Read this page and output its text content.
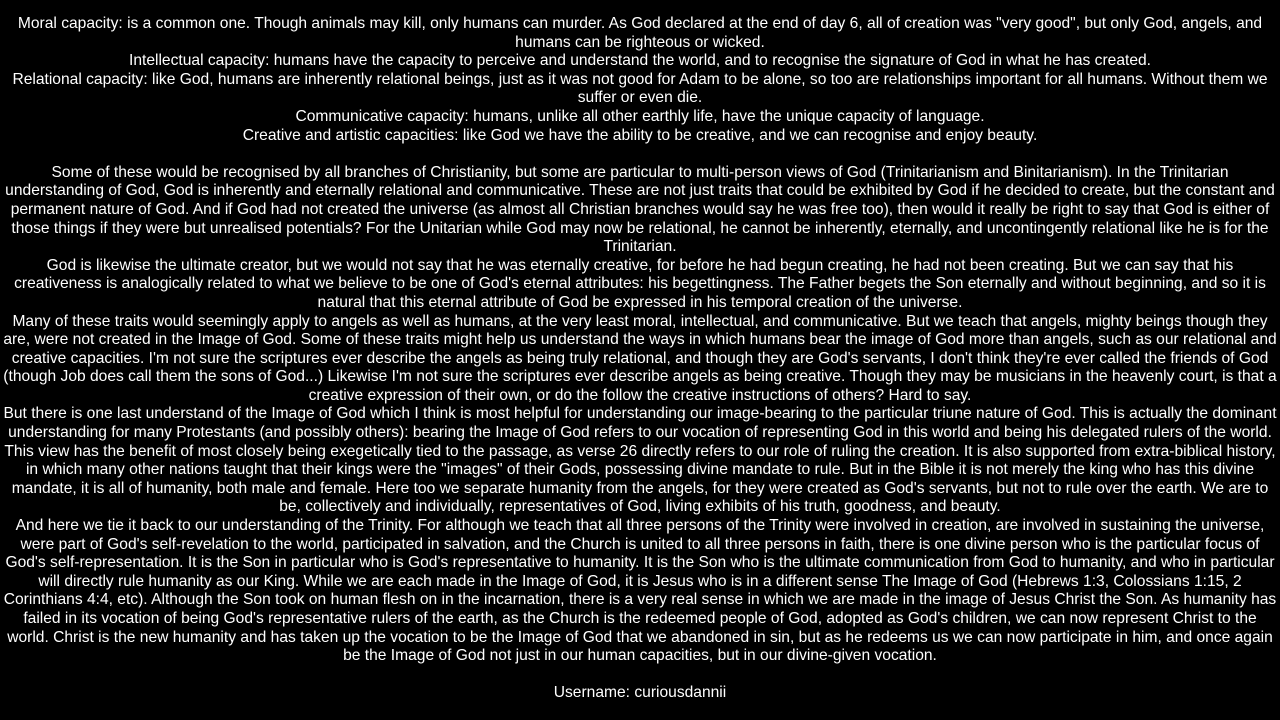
Moral capacity: is a common one. Though animals may kill, only humans can murder. As God declared at the end of day 6, all of creation was "very good", but only God, angels, and humans can be righteous or wicked.

Intellectual capacity: humans have the capacity to perceive and understand the world, and to recognise the signature of God in what he has created.

Relational capacity: like God, humans are inherently relational beings, just as it was not good for Adam to be alone, so too are relationships important for all humans. Without them we suffer or even die.

Communicative capacity: humans, unlike all other earthly life, have the unique capacity of language.

Creative and artistic capacities: like God we have the ability to be creative, and we can recognise and enjoy beauty.

Some of these would be recognised by all branches of Christianity, but some are particular to multi-person views of God (Trinitarianism and Binitarianism). In the Trinitarian understanding of God, God is inherently and eternally relational and communicative. These are not just traits that could be exhibited by God if he decided to create, but the constant and permanent nature of God. And if God had not created the universe (as almost all Christian branches would say he was free too), then would it really be right to say that God is either of those things if they were but unrealised potentials? For the Unitarian while God may now be relational, he cannot be inherently, eternally, and uncontingently relational like he is for the Trinitarian.

God is likewise the ultimate creator, but we would not say that he was eternally creative, for before he had begun creating, he had not been creating. But we can say that his creativeness is analogically related to what we believe to be one of God's eternal attributes: his begettingness. The Father begets the Son eternally and without beginning, and so it is natural that this eternal attribute of God be expressed in his temporal creation of the universe.

Many of these traits would seemingly apply to angels as well as humans, at the very least moral, intellectual, and communicative. But we teach that angels, mighty beings though they are, were not created in the Image of God. Some of these traits might help us understand the ways in which humans bear the image of God more than angels, such as our relational and creative capacities. I'm not sure the scriptures ever describe the angels as being truly relational, and though they are God's servants, I don't think they're ever called the friends of God (though Job does call them the sons of God...) Likewise I'm not sure the scriptures ever describe angels as being creative. Though they may be musicians in the heavenly court, is that a creative expression of their own, or do the follow the creative instructions of others? Hard to say.

But there is one last understand of the Image of God which I think is most helpful for understanding our image-bearing to the particular triune nature of God. This is actually the dominant understanding for many Protestants (and possibly others): bearing the Image of God refers to our vocation of representing God in this world and being his delegated rulers of the world. This view has the benefit of most closely being exegetically tied to the passage, as verse 26 directly refers to our role of ruling the creation. It is also supported from extra-biblical history, in which many other nations taught that their kings were the "images" of their Gods, possessing divine mandate to rule. But in the Bible it is not merely the king who has this divine mandate, it is all of humanity, both male and female. Here too we separate humanity from the angels, for they were created as God's servants, but not to rule over the earth. We are to be, collectively and individually, representatives of God, living exhibits of his truth, goodness, and beauty.

And here we tie it back to our understanding of the Trinity. For although we teach that all three persons of the Trinity were involved in creation, are involved in sustaining the universe, were part of God's self-revelation to the world, participated in salvation, and the Church is united to all three persons in faith, there is one divine person who is the particular focus of God's self-representation. It is the Son in particular who is God's representative to humanity. It is the Son who is the ultimate communication from God to humanity, and who in particular will directly rule humanity as our King. While we are each made in the Image of God, it is Jesus who is in a different sense The Image of God (Hebrews 1:3, Colossians 1:15, 2 Corinthians 4:4, etc). Although the Son took on human flesh on in the incarnation, there is a very real sense in which we are made in the image of Jesus Christ the Son. As humanity has failed in its vocation of being God's representative rulers of the earth, as the Church is the redeemed people of God, adopted as God's children, we can now represent Christ to the world. Christ is the new humanity and has taken up the vocation to be the Image of God that we abandoned in sin, but as he redeems us we can now participate in him, and once again be the Image of God not just in our human capacities, but in our divine-given vocation.

Username: curiousdannii
